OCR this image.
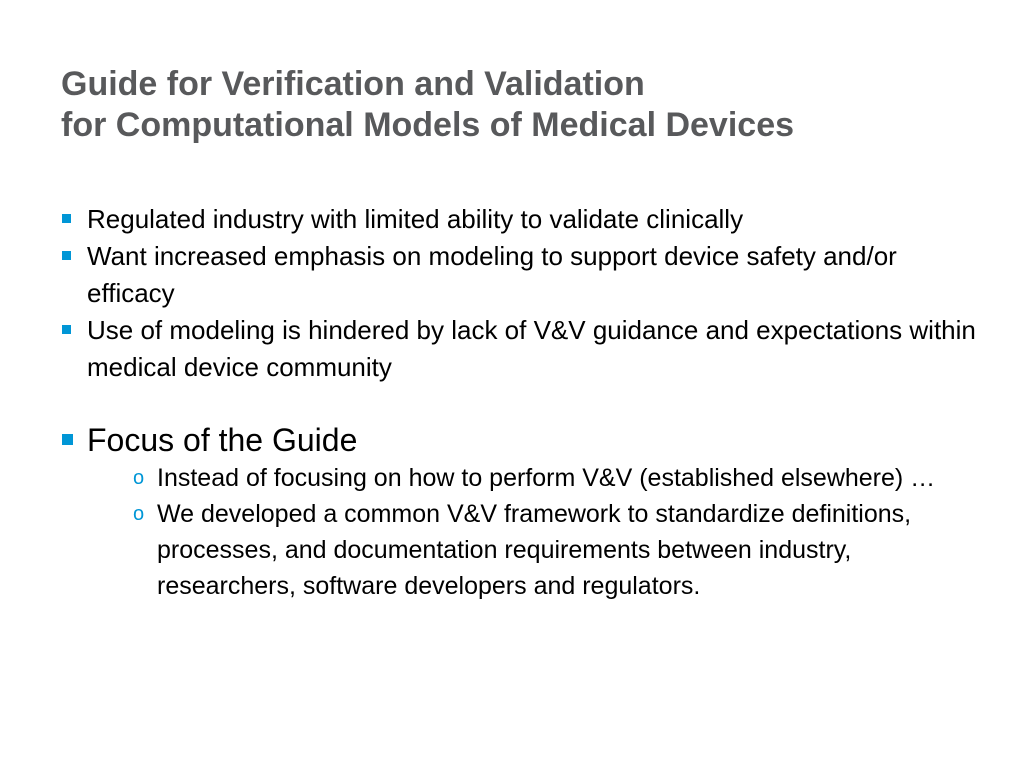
Guide for Verification and Validation
for Computational Models of Medical Devices
Regulated industry with limited ability to validate clinically
Want increased emphasis on modeling to support device safety and/or efficacy
Use of modeling is hindered by lack of V&V guidance and expectations within medical device community
Focus of the Guide
o Instead of focusing on how to perform V&V (established elsewhere) …
o We developed a common V&V framework to standardize definitions, processes, and documentation requirements between industry, researchers, software developers and regulators.
